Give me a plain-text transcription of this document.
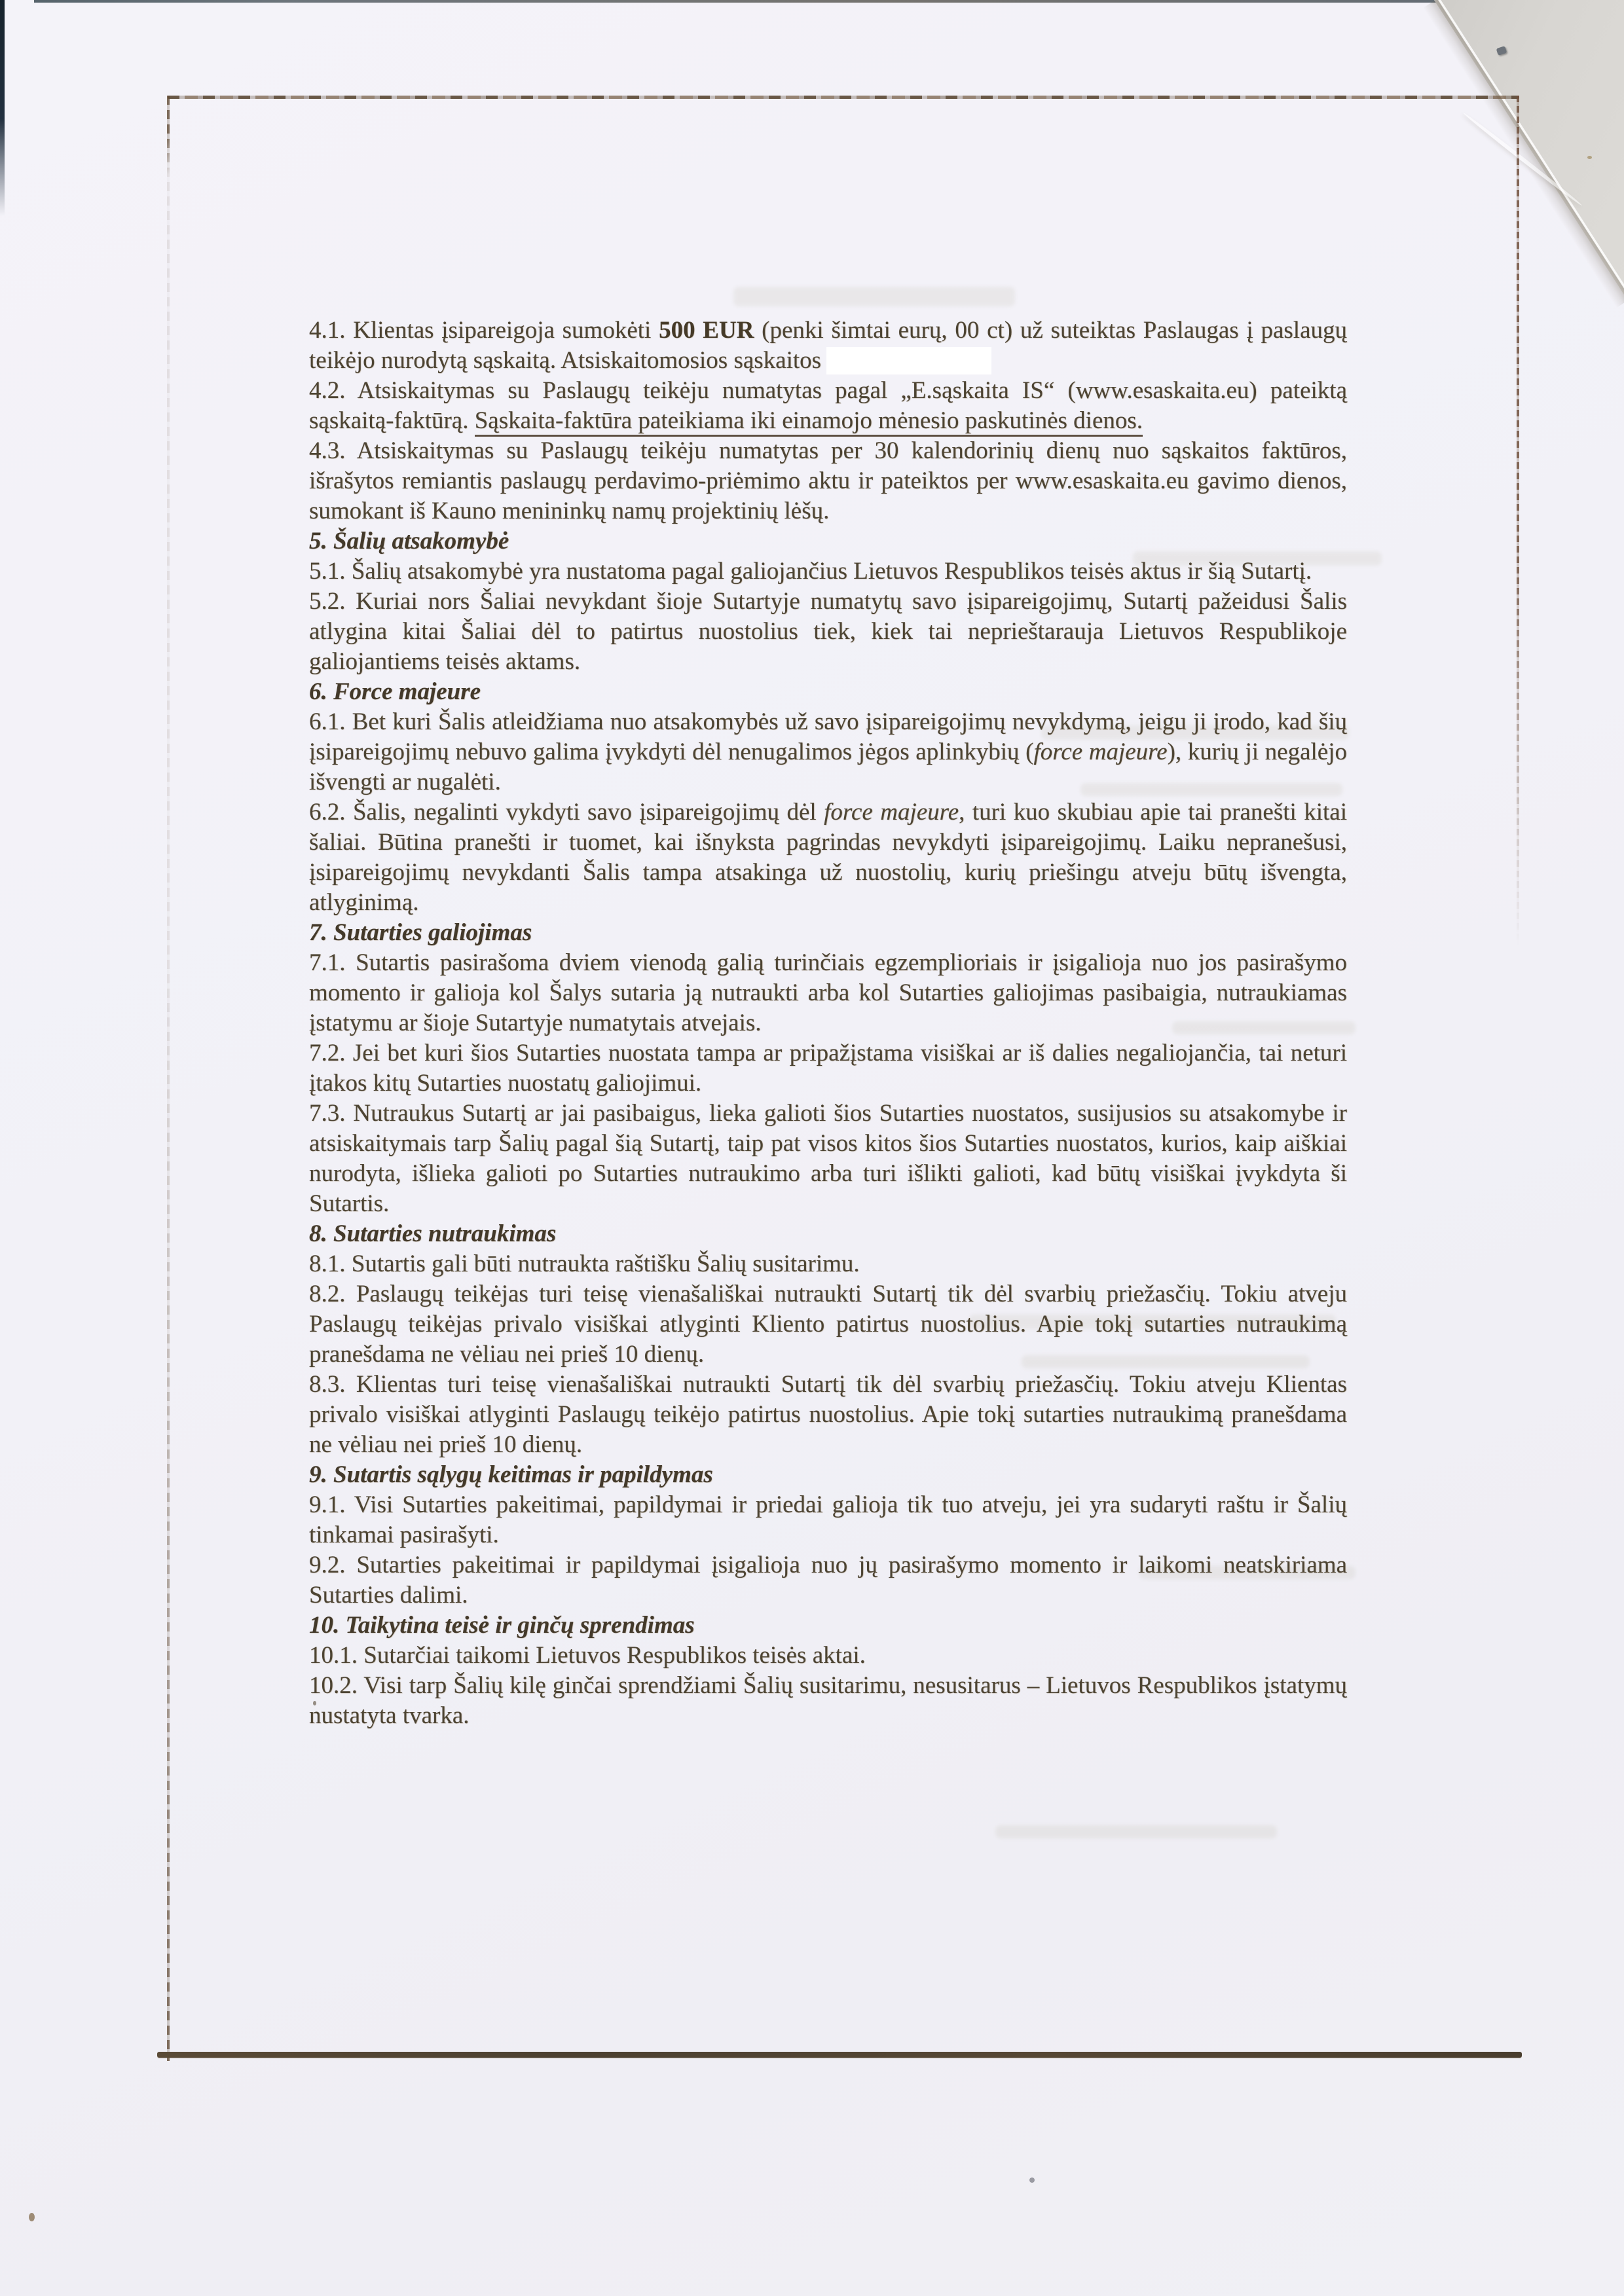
4.1. Klientas įsipareigoja sumokėti 500 EUR (penki šimtai eurų, 00 ct) už suteiktas Paslaugas į paslaugų teikėjo nurodytą sąskaitą. Atsiskaitomosios sąskaitos

4.2. Atsiskaitymas su Paslaugų teikėju numatytas pagal „E.sąskaita IS“ (www.esaskaita.eu) pateiktą sąskaitą-faktūrą. Sąskaita-faktūra pateikiama iki einamojo mėnesio paskutinės dienos.

4.3. Atsiskaitymas su Paslaugų teikėju numatytas per 30 kalendorinių dienų nuo sąskaitos faktūros, išrašytos remiantis paslaugų perdavimo-priėmimo aktu ir pateiktos per www.esaskaita.eu gavimo dienos, sumokant iš Kauno menininkų namų projektinių lėšų.

5. Šalių atsakomybė

5.1. Šalių atsakomybė yra nustatoma pagal galiojančius Lietuvos Respublikos teisės aktus ir šią Sutartį.

5.2. Kuriai nors Šaliai nevykdant šioje Sutartyje numatytų savo įsipareigojimų, Sutartį pažeidusi Šalis atlygina kitai Šaliai dėl to patirtus nuostolius tiek, kiek tai neprieštarauja Lietuvos Respublikoje galiojantiems teisės aktams.

6. Force majeure

6.1. Bet kuri Šalis atleidžiama nuo atsakomybės už savo įsipareigojimų nevykdymą, jeigu ji įrodo, kad šių įsipareigojimų nebuvo galima įvykdyti dėl nenugalimos jėgos aplinkybių (force majeure), kurių ji negalėjo išvengti ar nugalėti.

6.2. Šalis, negalinti vykdyti savo įsipareigojimų dėl force majeure, turi kuo skubiau apie tai pranešti kitai šaliai. Būtina pranešti ir tuomet, kai išnyksta pagrindas nevykdyti įsipareigojimų. Laiku nepranešusi, įsipareigojimų nevykdanti Šalis tampa atsakinga už nuostolių, kurių priešingu atveju būtų išvengta, atlyginimą.

7. Sutarties galiojimas

7.1. Sutartis pasirašoma dviem vienodą galią turinčiais egzemplioriais ir įsigalioja nuo jos pasirašymo momento ir galioja kol Šalys sutaria ją nutraukti arba kol Sutarties galiojimas pasibaigia, nutraukiamas įstatymu ar šioje Sutartyje numatytais atvejais.

7.2. Jei bet kuri šios Sutarties nuostata tampa ar pripažįstama visiškai ar iš dalies negaliojančia, tai neturi įtakos kitų Sutarties nuostatų galiojimui.

7.3. Nutraukus Sutartį ar jai pasibaigus, lieka galioti šios Sutarties nuostatos, susijusios su atsakomybe ir atsiskaitymais tarp Šalių pagal šią Sutartį, taip pat visos kitos šios Sutarties nuostatos, kurios, kaip aiškiai nurodyta, išlieka galioti po Sutarties nutraukimo arba turi išlikti galioti, kad būtų visiškai įvykdyta ši Sutartis.

8. Sutarties nutraukimas

8.1. Sutartis gali būti nutraukta raštišku Šalių susitarimu.

8.2. Paslaugų teikėjas turi teisę vienašališkai nutraukti Sutartį tik dėl svarbių priežasčių. Tokiu atveju Paslaugų teikėjas privalo visiškai atlyginti Kliento patirtus nuostolius. Apie tokį sutarties nutraukimą pranešdama ne vėliau nei prieš 10 dienų.

8.3. Klientas turi teisę vienašališkai nutraukti Sutartį tik dėl svarbių priežasčių. Tokiu atveju Klientas privalo visiškai atlyginti Paslaugų teikėjo patirtus nuostolius. Apie tokį sutarties nutraukimą pranešdama ne vėliau nei prieš 10 dienų.

9. Sutartis sąlygų keitimas ir papildymas

9.1. Visi Sutarties pakeitimai, papildymai ir priedai galioja tik tuo atveju, jei yra sudaryti raštu ir Šalių tinkamai pasirašyti.

9.2. Sutarties pakeitimai ir papildymai įsigalioja nuo jų pasirašymo momento ir laikomi neatskiriama Sutarties dalimi.

10. Taikytina teisė ir ginčų sprendimas

10.1. Sutarčiai taikomi Lietuvos Respublikos teisės aktai.

10.2. Visi tarp Šalių kilę ginčai sprendžiami Šalių susitarimu, nesusitarus – Lietuvos Respublikos įstatymų nustatyta tvarka.
